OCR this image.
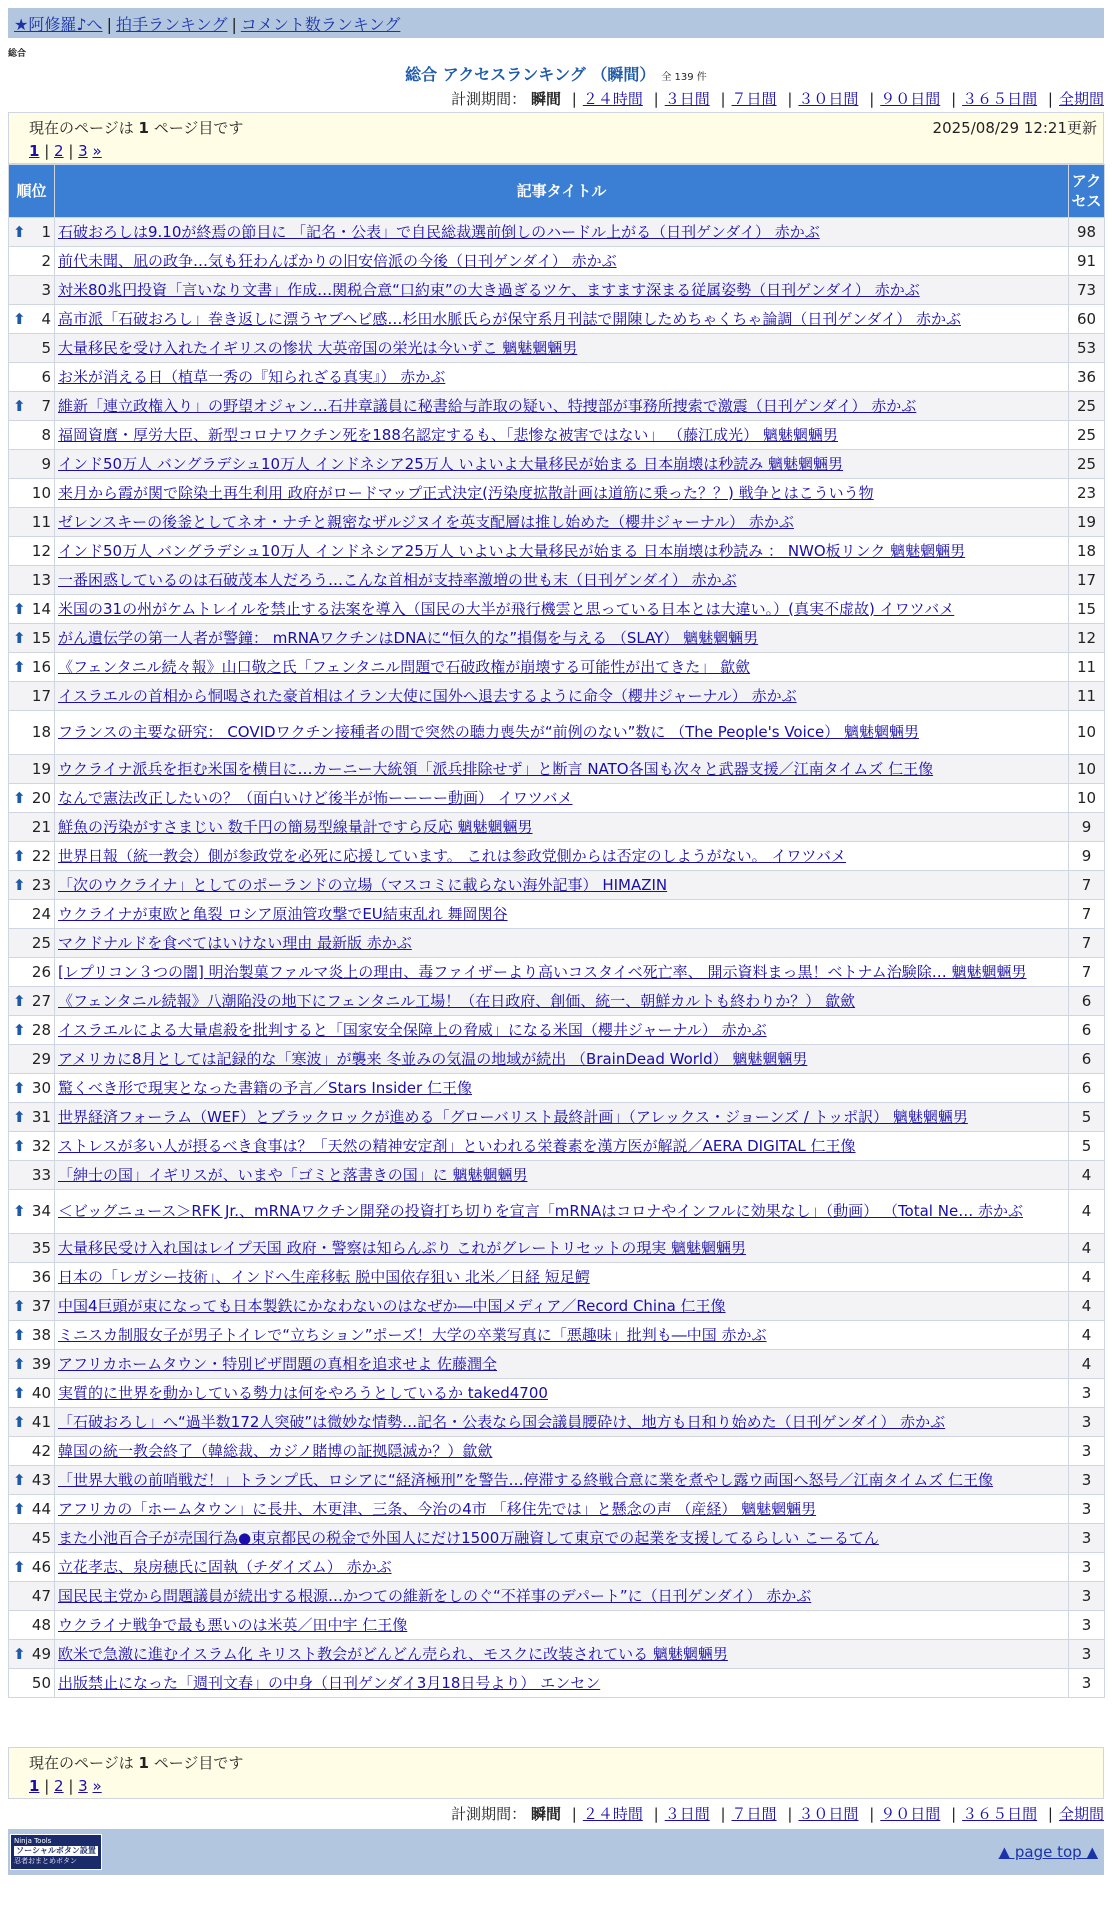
★阿修羅♪へ | 拍手ランキング | コメント数ランキング
総合
総合 アクセスランキング （瞬間） 全 139 件
計測期間： 瞬間 | ２４時間 | ３日間 | ７日間 | ３０日間 | ９０日間 | ３６５日間 | 全期間
現在のページは 1 ページ目です	2025/08/29 12:21更新
1 | 2 | 3 »
順位	記事タイトル	アクセス

⬆ 1	石破おろしは9.10が終焉の節目に 「記名・公表」で自民総裁選前倒しのハードル上がる（日刊ゲンダイ） 赤かぶ	98
2	前代未聞、凪の政争…気も狂わんばかりの旧安倍派の今後（日刊ゲンダイ） 赤かぶ	91
3	対米80兆円投資「言いなり文書」作成…関税合意“口約束”の大き過ぎるツケ、ますます深まる従属姿勢（日刊ゲンダイ） 赤かぶ	73

⬆ 4	高市派「石破おろし」巻き返しに漂うヤブヘビ感…杉田水脈氏らが保守系月刊誌で開陳しためちゃくちゃ論調（日刊ゲンダイ） 赤かぶ	60
5	大量移民を受け入れたイギリスの惨状 大英帝国の栄光は今いずこ 魑魅魍魎男	53
6	お米が消える日（植草一秀の『知られざる真実』） 赤かぶ	36

⬆ 7	維新「連立政権入り」の野望オジャン…石井章議員に秘書給与詐取の疑い、特捜部が事務所捜索で激震（日刊ゲンダイ） 赤かぶ	25
8	福岡資麿・厚労大臣、新型コロナワクチン死を188名認定するも、「悲惨な被害ではない」 （藤江成光） 魑魅魍魎男	25
9	インド50万人 バングラデシュ10万人 インドネシア25万人 いよいよ大量移民が始まる 日本崩壊は秒読み 魑魅魍魎男	25
10	来月から霞が関で除染土再生利用 政府がロードマップ正式決定(汚染度拡散計画は道筋に乗った？？) 戦争とはこういう物	23
11	ゼレンスキーの後釜としてネオ・ナチと親密なザルジヌイを英支配層は推し始めた（櫻井ジャーナル） 赤かぶ	19
12	インド50万人 バングラデシュ10万人 インドネシア25万人 いよいよ大量移民が始まる 日本崩壊は秒読み ： NWO板リンク 魑魅魍魎男	18
13	一番困惑しているのは石破茂本人だろう…こんな首相が支持率激増の世も末（日刊ゲンダイ） 赤かぶ	17

⬆ 14	米国の31の州がケムトレイルを禁止する法案を導入（国民の大半が飛行機雲と思っている日本とは大違い。）(真実不虚故) イワツバメ	15

⬆ 15	がん遺伝学の第一人者が警鐘： mRNAワクチンはDNAに“恒久的な”損傷を与える （SLAY） 魑魅魍魎男	12

⬆ 16	《フェンタニル続々報》山口敬之氏「フェンタニル問題で石破政権が崩壊する可能性が出てきた」 歙歛	11
17	イスラエルの首相から恫喝された豪首相はイラン大使に国外へ退去するように命令（櫻井ジャーナル） 赤かぶ	11
18	フランスの主要な研究： COVIDワクチン接種者の間で突然の聴力喪失が“前例のない”数に （The People's Voice） 魑魅魍魎男	10
19	ウクライナ派兵を拒む米国を横目に…カーニー大統領「派兵排除せず」と断言 NATO各国も次々と武器支援／江南タイムズ 仁王像	10

⬆ 20	なんで憲法改正したいの？（面白いけど後半が怖ーーーー動画） イワツバメ	10
21	鮮魚の汚染がすさまじい 数千円の簡易型線量計ですら反応 魑魅魍魎男	9

⬆ 22	世界日報（統一教会）側が参政党を必死に応援しています。 これは参政党側からは否定のしようがない。 イワツバメ	9

⬆ 23	「次のウクライナ」としてのポーランドの立場（マスコミに載らない海外記事） HIMAZIN	7
24	ウクライナが東欧と亀裂 ロシア原油管攻撃でEU結束乱れ 舞岡関谷	7
25	マクドナルドを食べてはいけない理由 最新版 赤かぶ	7
26	[レプリコン３つの闇] 明治製菓ファルマ炎上の理由、毒ファイザーより高いコスタイベ死亡率、 開示資料まっ黒！ベトナム治験除… 魑魅魍魎男	7

⬆ 27	《フェンタニル続報》八潮陥没の地下にフェンタニル工場！（在日政府、創価、統一、朝鮮カルトも終わりか？） 歙歛	6

⬆ 28	イスラエルによる大量虐殺を批判すると「国家安全保障上の脅威」になる米国（櫻井ジャーナル） 赤かぶ	6
29	アメリカに8月としては記録的な「寒波」が襲来 冬並みの気温の地域が続出 （BrainDead World） 魑魅魍魎男	6

⬆ 30	驚くべき形で現実となった書籍の予言／Stars Insider 仁王像	6

⬆ 31	世界経済フォーラム（WEF）とブラックロックが進める「グローバリスト最終計画」（アレックス・ジョーンズ / トッポ訳） 魑魅魍魎男	5

⬆ 32	ストレスが多い人が摂るべき食事は？「天然の精神安定剤」といわれる栄養素を漢方医が解説／AERA DIGITAL 仁王像	5
33	「紳士の国」イギリスが、いまや「ゴミと落書きの国」に 魑魅魍魎男	4

⬆ 34	＜ビッグニュース＞RFK Jr.、mRNAワクチン開発の投資打ち切りを宣言「mRNAはコロナやインフルに効果なし」（動画） （Total Ne… 赤かぶ	4
35	大量移民受け入れ国はレイプ天国 政府・警察は知らんぷり これがグレートリセットの現実 魑魅魍魎男	4
36	日本の「レガシー技術」、インドへ生産移転 脱中国依存狙い 北米／日経 短足鰐	4

⬆ 37	中国4巨頭が束になっても日本製鉄にかなわないのはなぜか―中国メディア／Record China 仁王像	4

⬆ 38	ミニスカ制服女子が男子トイレで“立ちション”ポーズ！大学の卒業写真に「悪趣味」批判も―中国 赤かぶ	4

⬆ 39	アフリカホームタウン・特別ビザ問題の真相を追求せよ 佐藤潤全	4

⬆ 40	実質的に世界を動かしている勢力は何をやろうとしているか taked4700	3

⬆ 41	「石破おろし」へ“過半数172人突破”は微妙な情勢…記名・公表なら国会議員腰砕け、地方も日和り始めた（日刊ゲンダイ） 赤かぶ	3
42	韓国の統一教会終了（韓総裁、カジノ賭博の証拠隠滅か？）歙歛	3

⬆ 43	「世界大戦の前哨戦だ！」トランプ氏、ロシアに“経済極刑”を警告…停滞する終戦合意に業を煮やし露ウ両国へ怒号／江南タイムズ 仁王像	3

⬆ 44	アフリカの「ホームタウン」に長井、木更津、三条、今治の4市 「移住先では」と懸念の声 （産経） 魑魅魍魎男	3
45	また小池百合子が売国行為●東京都民の税金で外国人にだけ1500万融資して東京での起業を支援してるらしい こーるてん	3

⬆ 46	立花孝志、泉房穂氏に固執（チダイズム） 赤かぶ	3
47	国民民主党から問題議員が続出する根源…かつての維新をしのぐ“不祥事のデパート”に（日刊ゲンダイ） 赤かぶ	3
48	ウクライナ戦争で最も悪いのは米英／田中宇 仁王像	3

⬆ 49	欧米で急激に進むイスラム化 キリスト教会がどんどん売られ、モスクに改装されている 魑魅魍魎男	3
50	出版禁止になった「週刊文春」の中身（日刊ゲンダイ3月18日号より） エンセン	3
現在のページは 1 ページ目です
1 | 2 | 3 »
計測期間： 瞬間 | ２４時間 | ３日間 | ７日間 | ３０日間 | ９０日間 | ３６５日間 | 全期間
Ninja Tools
ソーシャルボタン設置
忍者おまとめボタン	▲ page top ▲
